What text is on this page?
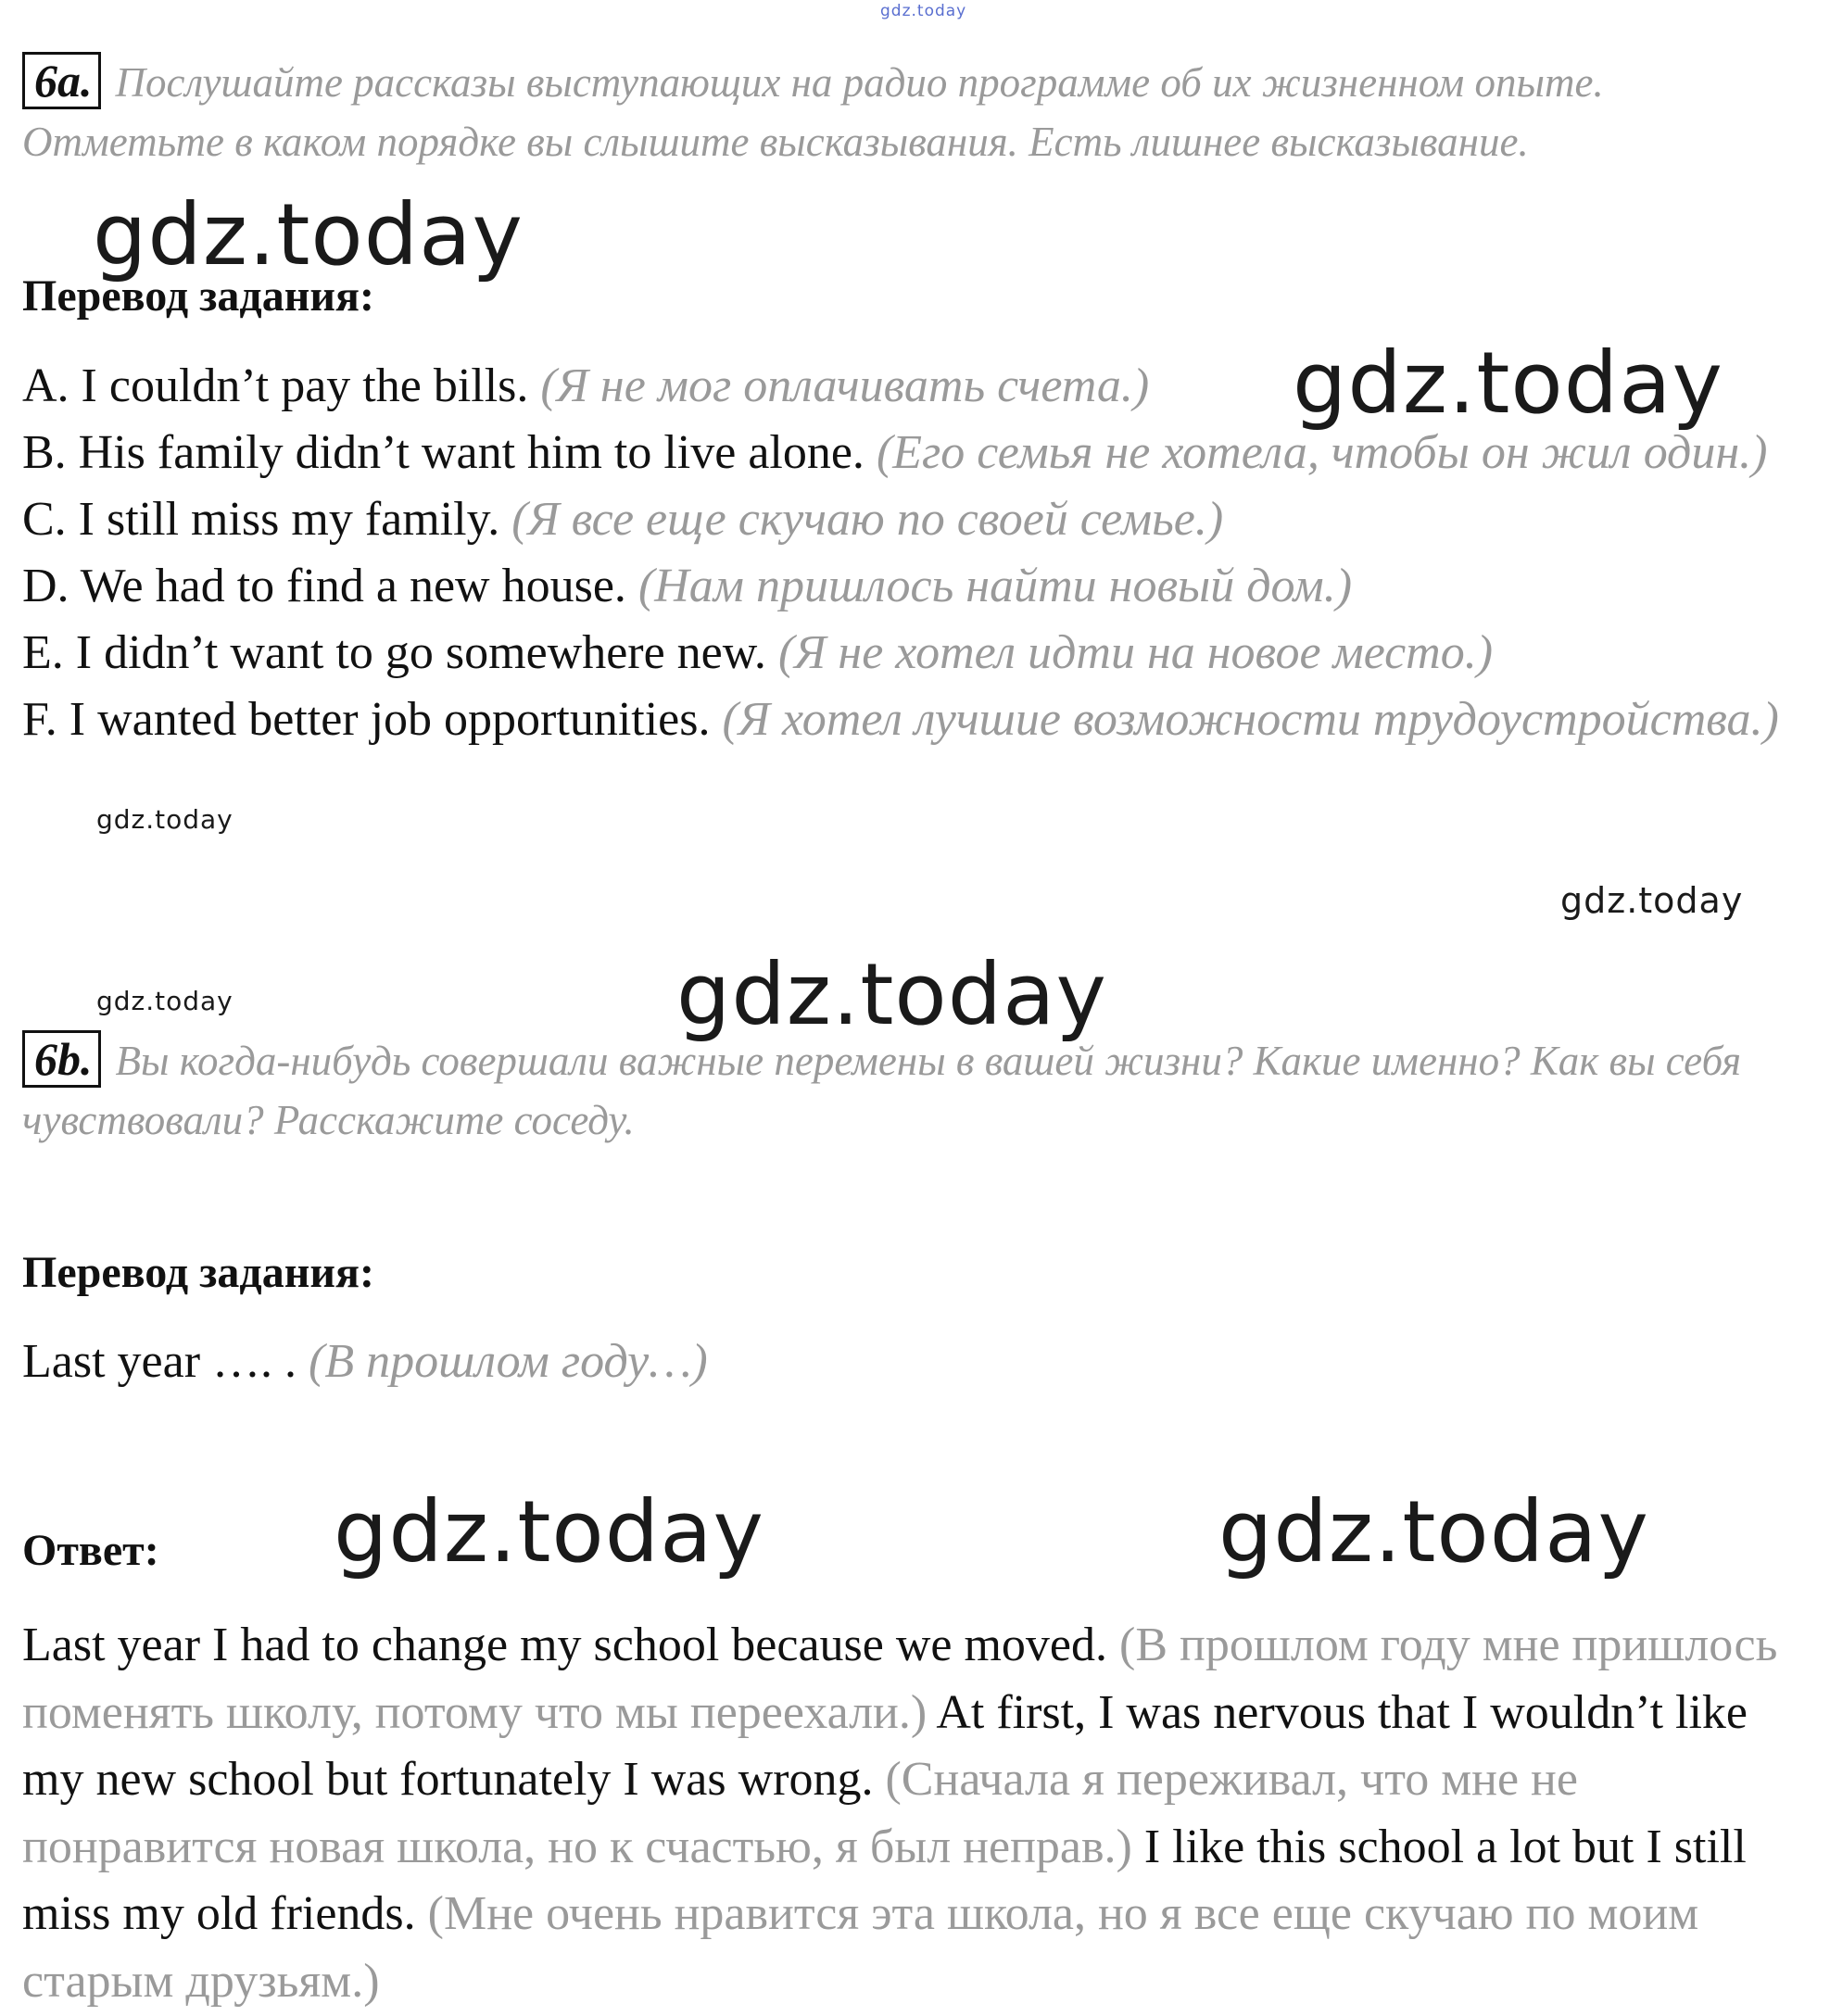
gdz.today
6a. Послушайте рассказы выступающих на радио программе об их жизненном опыте. Отметьте в каком порядке вы слышите высказывания. Есть лишнее высказывание.
gdz.today
Перевод задания:
gdz.today
A. I couldn’t pay the bills. (Я не мог оплачивать счета.)
B. His family didn’t want him to live alone. (Его семья не хотела, чтобы он жил один.)
C. I still miss my family. (Я все еще скучаю по своей семье.)
D. We had to find a new house. (Нам пришлось найти новый дом.)
E. I didn’t want to go somewhere new. (Я не хотел идти на новое место.)
F. I wanted better job opportunities. (Я хотел лучшие возможности трудоустройства.)
gdz.today
gdz.today
gdz.today	gdz.today
6b. Вы когда-нибудь совершали важные перемены в вашей жизни? Какие именно? Как вы себя чувствовали? Расскажите соседу.
Перевод задания:
Last year …. . (В прошлом году…)
Ответ: gdz.today	gdz.today
Last year I had to change my school because we moved. (В прошлом году мне пришлось поменять школу, потому что мы переехали.) At first, I was nervous that I wouldn’t like my new school but fortunately I was wrong. (Сначала я переживал, что мне не понравится новая школа, но к счастью, я был неправ.) I like this school a lot but I still miss my old friends. (Мне очень нравится эта школа, но я все еще скучаю по моим старым друзьям.)
